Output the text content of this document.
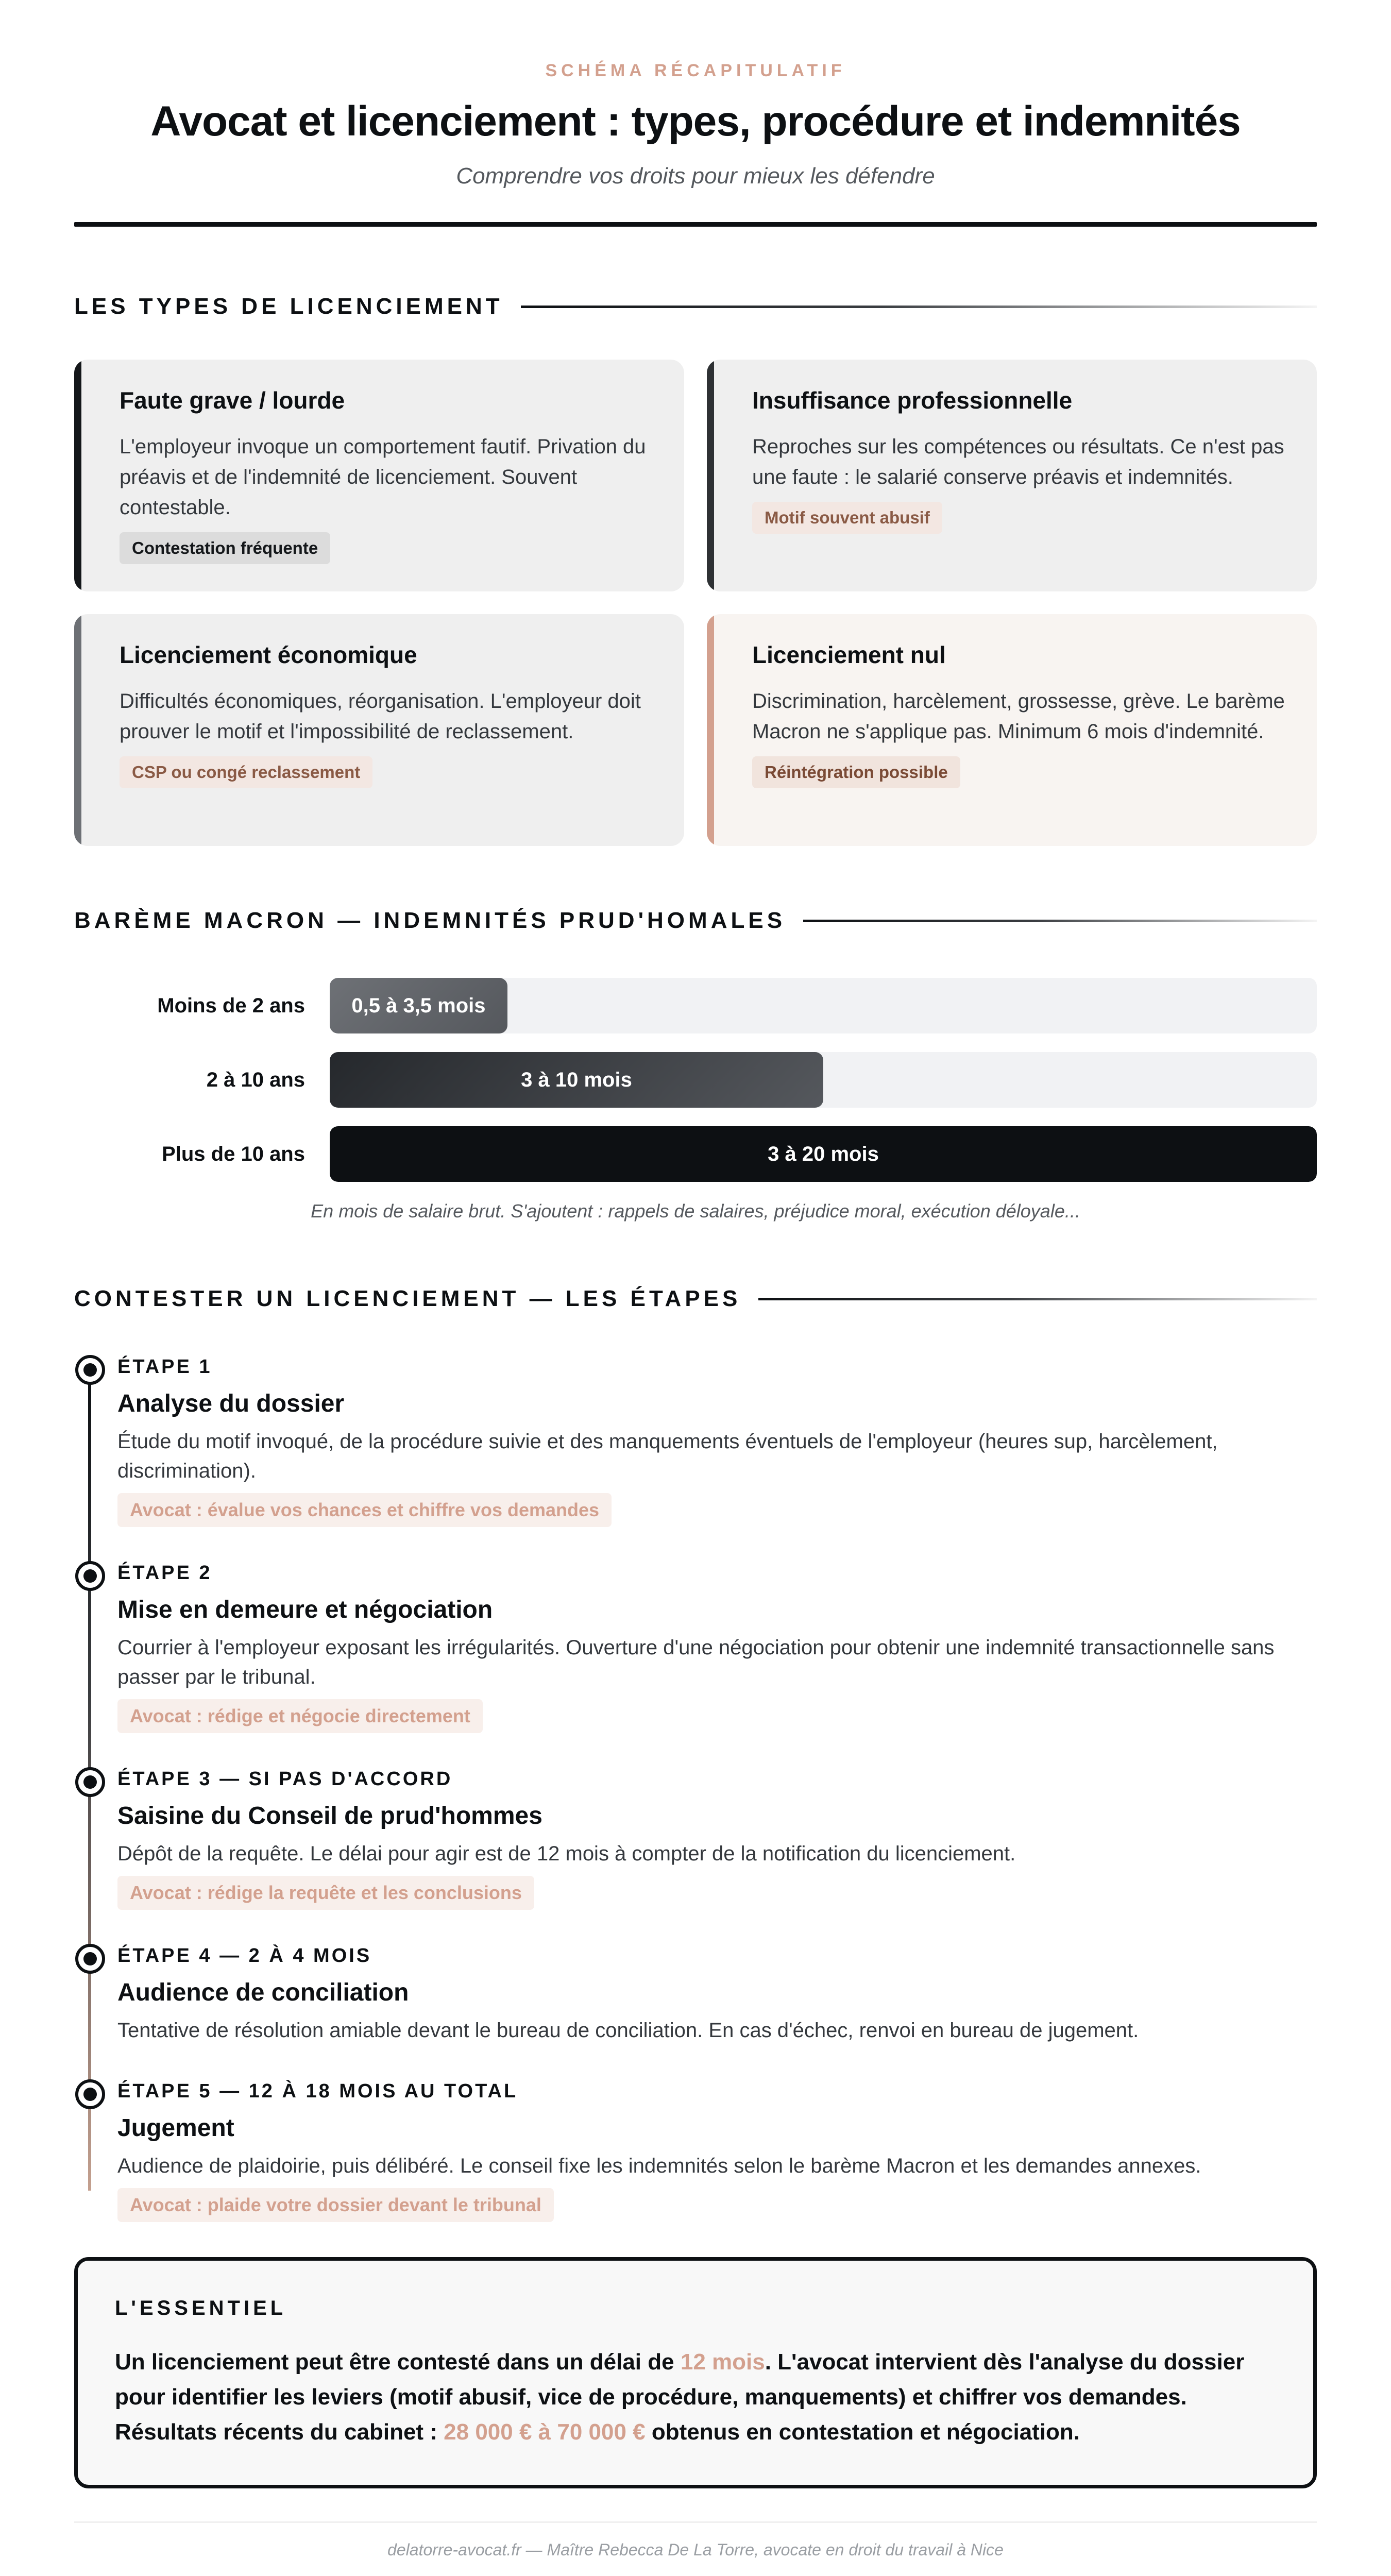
SCHÉMA RÉCAPITULATIF
Avocat et licenciement : types, procédure et indemnités
Comprendre vos droits pour mieux les défendre
LES TYPES DE LICENCIEMENT
Faute grave / lourde

L'employeur invoque un comportement fautif. Privation du préavis et de l'indemnité de licenciement. Souvent contestable.

Contestation fréquente
Insuffisance professionnelle

Reproches sur les compétences ou résultats. Ce n'est pas une faute : le salarié conserve préavis et indemnités.

Motif souvent abusif
Licenciement économique

Difficultés économiques, réorganisation. L'employeur doit prouver le motif et l'impossibilité de reclassement.

CSP ou congé reclassement
Licenciement nul

Discrimination, harcèlement, grossesse, grève. Le barème Macron ne s'applique pas. Minimum 6 mois d'indemnité.

Réintégration possible
BARÈME MACRON — INDEMNITÉS PRUD'HOMALES
Moins de 2 ans	0,5 à 3,5 mois
2 à 10 ans	3 à 10 mois
Plus de 10 ans	3 à 20 mois
En mois de salaire brut. S'ajoutent : rappels de salaires, préjudice moral, exécution déloyale...
CONTESTER UN LICENCIEMENT — LES ÉTAPES
ÉTAPE 1
Analyse du dossier

Étude du motif invoqué, de la procédure suivie et des manquements éventuels de l'employeur (heures sup, harcèlement, discrimination).

Avocat : évalue vos chances et chiffre vos demandes
ÉTAPE 2
Mise en demeure et négociation

Courrier à l'employeur exposant les irrégularités. Ouverture d'une négociation pour obtenir une indemnité transactionnelle sans passer par le tribunal.

Avocat : rédige et négocie directement
ÉTAPE 3 — SI PAS D'ACCORD
Saisine du Conseil de prud'hommes

Dépôt de la requête. Le délai pour agir est de 12 mois à compter de la notification du licenciement.

Avocat : rédige la requête et les conclusions
ÉTAPE 4 — 2 À 4 MOIS
Audience de conciliation

Tentative de résolution amiable devant le bureau de conciliation. En cas d'échec, renvoi en bureau de jugement.

ÉTAPE 5 — 12 À 18 MOIS AU TOTAL
Jugement

Audience de plaidoirie, puis délibéré. Le conseil fixe les indemnités selon le barème Macron et les demandes annexes.

Avocat : plaide votre dossier devant le tribunal
L'ESSENTIEL
Un licenciement peut être contesté dans un délai de 12 mois. L'avocat intervient dès l'analyse du dossier pour identifier les leviers (motif abusif, vice de procédure, manquements) et chiffrer vos demandes. Résultats récents du cabinet : 28 000 € à 70 000 € obtenus en contestation et négociation.
delatorre-avocat.fr — Maître Rebecca De La Torre, avocate en droit du travail à Nice
